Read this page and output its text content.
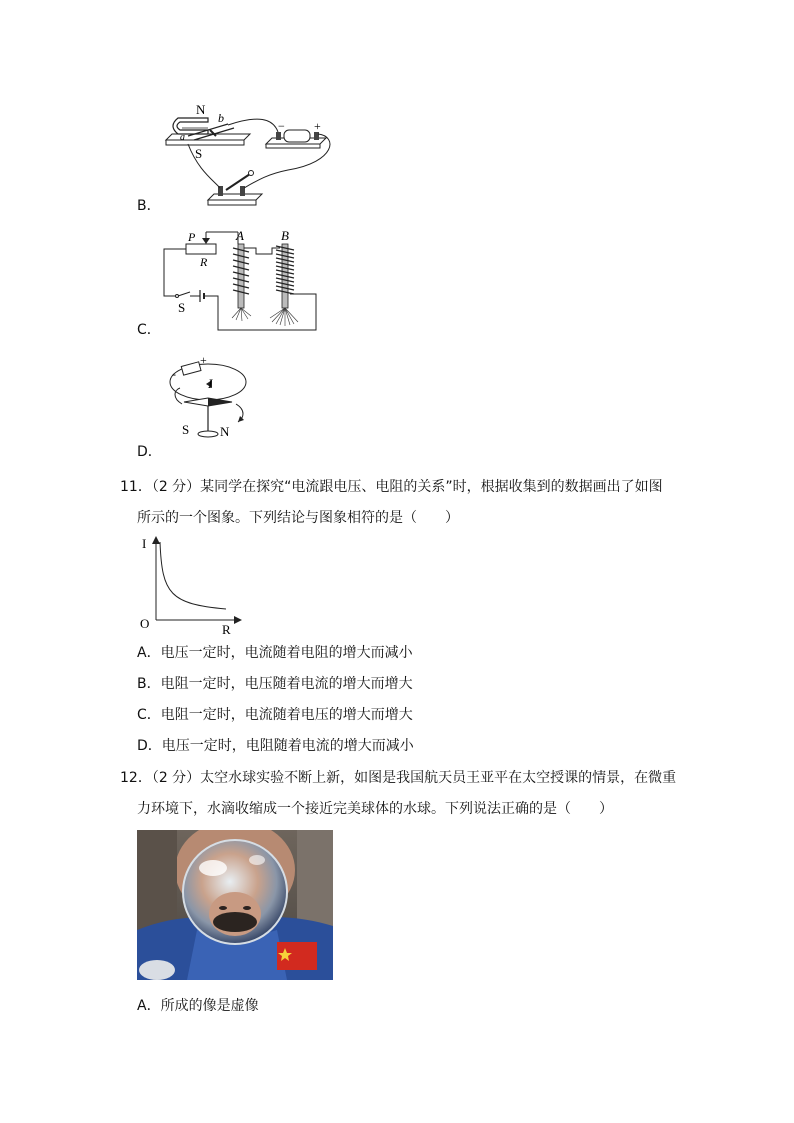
N
b
a
S
− +
B．
P
R
S
A	B
C．
-
+
I
S N
D．
11．（2 分）某同学在探究“电流跟电压、电阻的关系”时，根据收集到的数据画出了如图
所示的一个图象。下列结论与图象相符的是（　　）
I
O	R
A．电压一定时，电流随着电阻的增大而减小
B．电阻一定时，电压随着电流的增大而增大
C．电阻一定时，电流随着电压的增大而增大
D．电压一定时，电阻随着电流的增大而减小
12．（2 分）太空水球实验不断上新，如图是我国航天员王亚平在太空授课的情景，在微重
力环境下，水滴收缩成一个接近完美球体的水球。下列说法正确的是（　　）
A．所成的像是虚像
